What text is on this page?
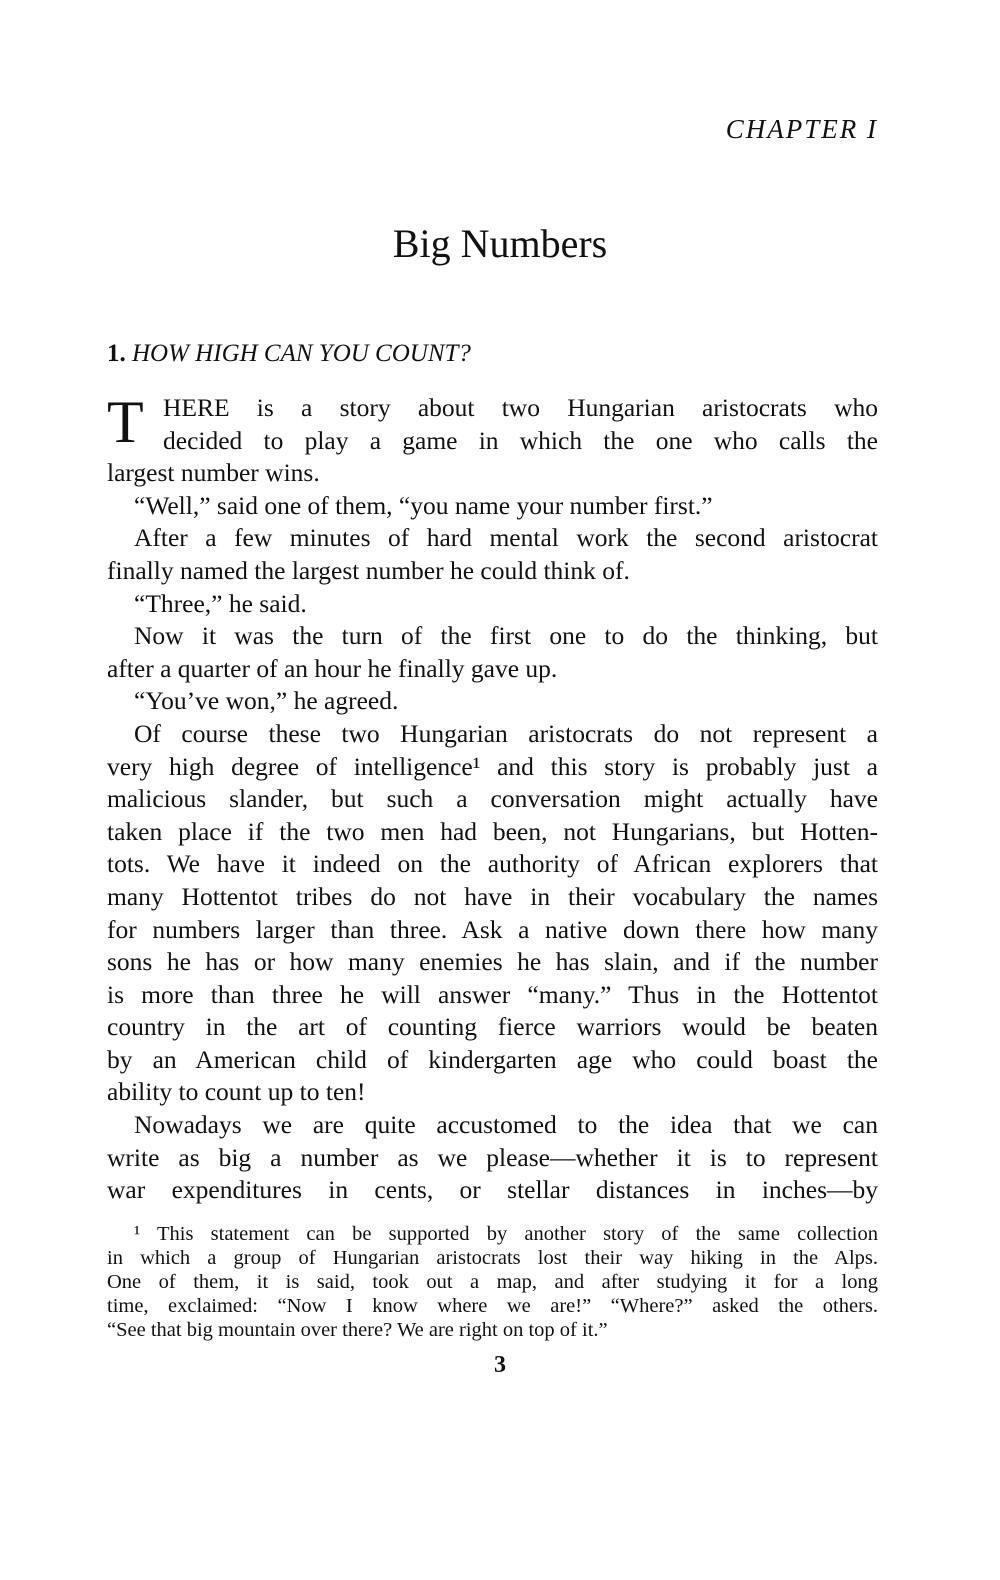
CHAPTER I
Big Numbers
1. HOW HIGH CAN YOU COUNT?
T HERE is a story about two Hungarian aristocrats who
decided to play a game in which the one who calls the
largest number wins.
“Well,” said one of them, “you name your number first.”
After a few minutes of hard mental work the second aristocrat
finally named the largest number he could think of.
“Three,” he said.
Now it was the turn of the first one to do the thinking, but
after a quarter of an hour he finally gave up.
“You’ve won,” he agreed.
Of course these two Hungarian aristocrats do not represent a
very high degree of intelligence¹ and this story is probably just a
malicious slander, but such a conversation might actually have
taken place if the two men had been, not Hungarians, but Hotten-
tots. We have it indeed on the authority of African explorers that
many Hottentot tribes do not have in their vocabulary the names
for numbers larger than three. Ask a native down there how many
sons he has or how many enemies he has slain, and if the number
is more than three he will answer “many.” Thus in the Hottentot
country in the art of counting fierce warriors would be beaten
by an American child of kindergarten age who could boast the
ability to count up to ten!
Nowadays we are quite accustomed to the idea that we can
write as big a number as we please—whether it is to represent
war expenditures in cents, or stellar distances in inches—by
¹ This statement can be supported by another story of the same collection
in which a group of Hungarian aristocrats lost their way hiking in the Alps.
One of them, it is said, took out a map, and after studying it for a long
time, exclaimed: “Now I know where we are!” “Where?” asked the others.
“See that big mountain over there? We are right on top of it.”
3
